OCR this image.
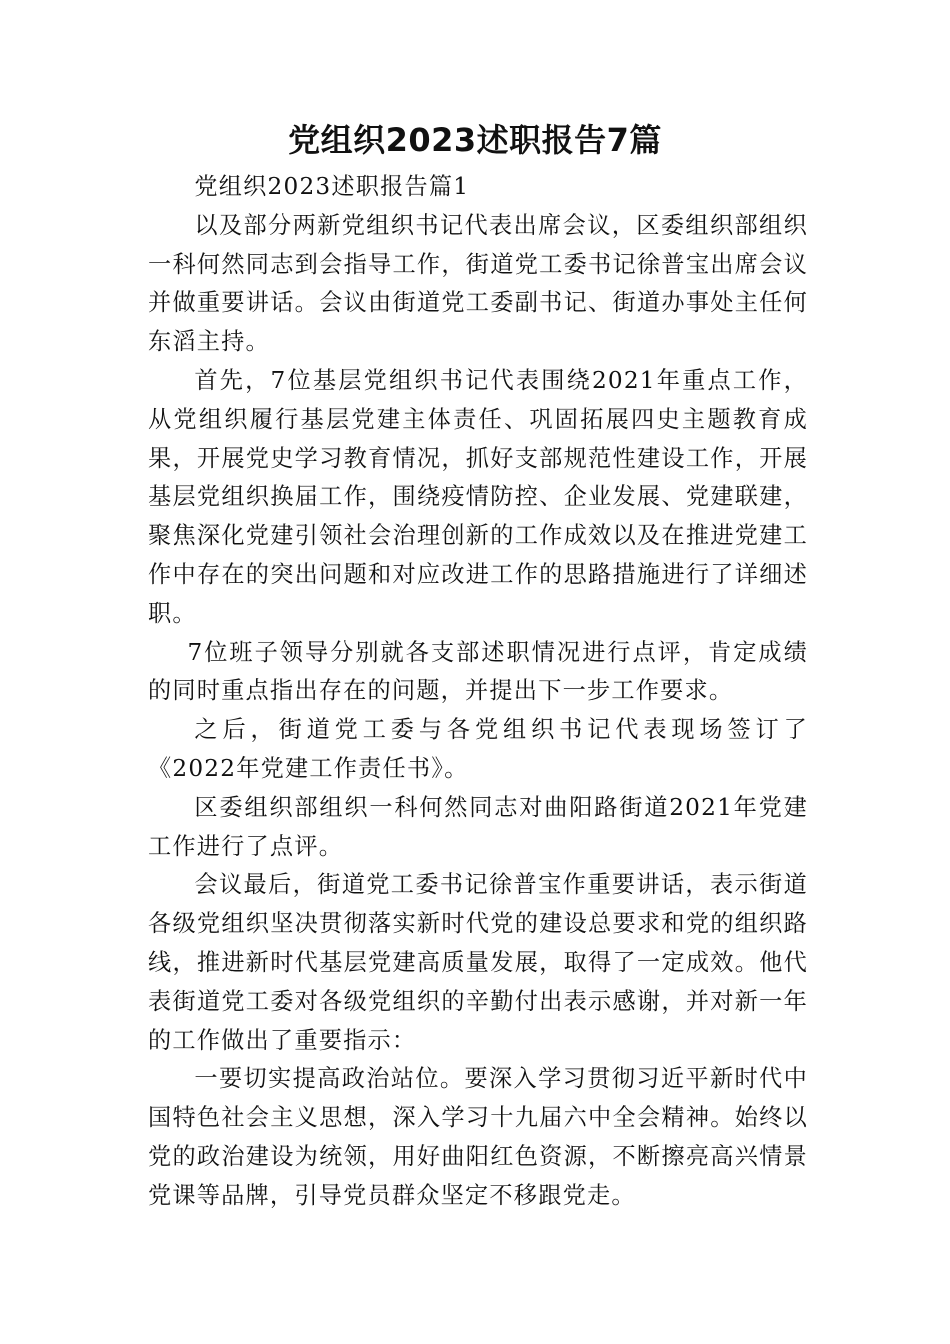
党组织2023述职报告7篇

党组织2023述职报告篇1

以及部分两新党组织书记代表出席会议，区委组织部组织一科何然同志到会指导工作，街道党工委书记徐普宝出席会议并做重要讲话。会议由街道党工委副书记、街道办事处主任何东滔主持。

首先，7位基层党组织书记代表围绕2021年重点工作，从党组织履行基层党建主体责任、巩固拓展四史主题教育成果，开展党史学习教育情况，抓好支部规范性建设工作，开展基层党组织换届工作，围绕疫情防控、企业发展、党建联建，聚焦深化党建引领社会治理创新的工作成效以及在推进党建工作中存在的突出问题和对应改进工作的思路措施进行了详细述职。

7位班子领导分别就各支部述职情况进行点评，肯定成绩的同时重点指出存在的问题，并提出下一步工作要求。

之后，街道党工委与各党组织书记代表现场签订了《2022年党建工作责任书》。

区委组织部组织一科何然同志对曲阳路街道2021年党建工作进行了点评。

会议最后，街道党工委书记徐普宝作重要讲话，表示街道各级党组织坚决贯彻落实新时代党的建设总要求和党的组织路线，推进新时代基层党建高质量发展，取得了一定成效。他代表街道党工委对各级党组织的辛勤付出表示感谢，并对新一年的工作做出了重要指示：

一要切实提高政治站位。要深入学习贯彻习近平新时代中国特色社会主义思想，深入学习十九届六中全会精神。始终以党的政治建设为统领，用好曲阳红色资源，不断擦亮高兴情景党课等品牌，引导党员群众坚定不移跟党走。
